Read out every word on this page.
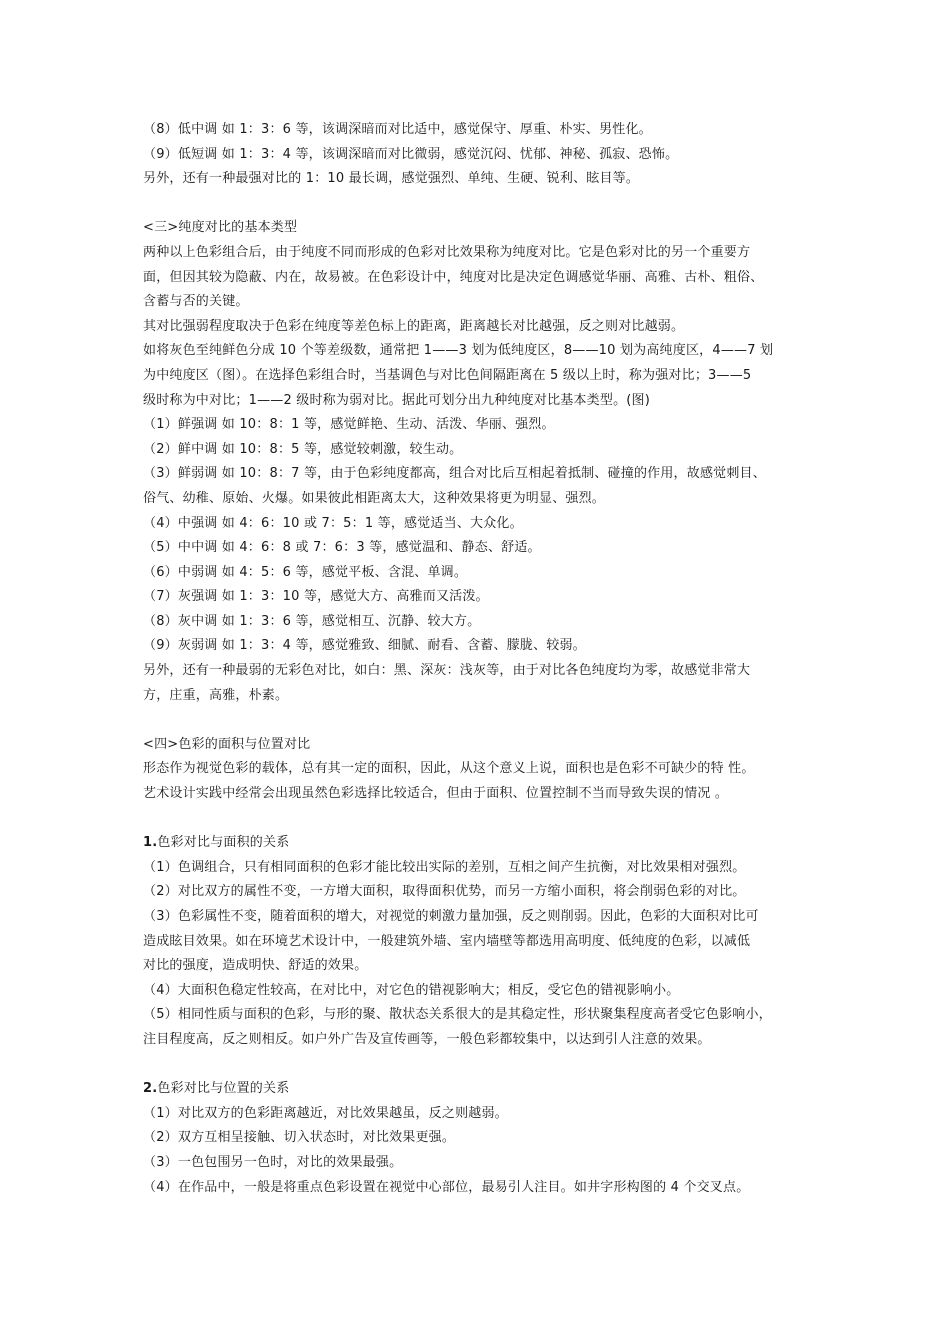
（8）低中调 如 1：3：6 等，该调深暗而对比适中，感觉保守、厚重、朴实、男性化。
（9）低短调 如 1：3：4 等，该调深暗而对比微弱，感觉沉闷、忧郁、神秘、孤寂、恐怖。
另外，还有一种最强对比的 1：10 最长调，感觉强烈、单纯、生硬、锐利、眩目等。
<三>纯度对比的基本类型
两种以上色彩组合后，由于纯度不同而形成的色彩对比效果称为纯度对比。它是色彩对比的另一个重要方
面，但因其较为隐蔽、内在，故易被。在色彩设计中，纯度对比是决定色调感觉华丽、高雅、古朴、粗俗、
含蓄与否的关键。
其对比强弱程度取决于色彩在纯度等差色标上的距离，距离越长对比越强，反之则对比越弱。
如将灰色至纯鲜色分成 10 个等差级数，通常把 1——3 划为低纯度区，8——10 划为高纯度区，4——7 划
为中纯度区（图）。在选择色彩组合时，当基调色与对比色间隔距离在 5 级以上时，称为强对比；3——5
级时称为中对比；1——2 级时称为弱对比。据此可划分出九种纯度对比基本类型。(图)
（1）鲜强调 如 10：8：1 等，感觉鲜艳、生动、活泼、华丽、强烈。
（2）鲜中调 如 10：8：5 等，感觉较刺激，较生动。
（3）鲜弱调 如 10：8：7 等，由于色彩纯度都高，组合对比后互相起着抵制、碰撞的作用，故感觉刺目、
俗气、幼稚、原始、火爆。如果彼此相距离太大，这种效果将更为明显、强烈。
（4）中强调 如 4：6：10 或 7：5：1 等，感觉适当、大众化。
（5）中中调 如 4：6：8 或 7：6：3 等，感觉温和、静态、舒适。
（6）中弱调 如 4：5：6 等，感觉平板、含混、单调。
（7）灰强调 如 1：3：10 等，感觉大方、高雅而又活泼。
（8）灰中调 如 1：3：6 等，感觉相互、沉静、较大方。
（9）灰弱调 如 1：3：4 等，感觉雅致、细腻、耐看、含蓄、朦胧、较弱。
另外，还有一种最弱的无彩色对比，如白：黑、深灰：浅灰等，由于对比各色纯度均为零，故感觉非常大
方，庄重，高雅，朴素。
<四>色彩的面积与位置对比
形态作为视觉色彩的载体，总有其一定的面积，因此，从这个意义上说，面积也是色彩不可缺少的特 性。
艺术设计实践中经常会出现虽然色彩选择比较适合，但由于面积、位置控制不当而导致失误的情况 。
1.色彩对比与面积的关系
（1）色调组合，只有相同面积的色彩才能比较出实际的差别，互相之间产生抗衡，对比效果相对强烈。
（2）对比双方的属性不变，一方增大面积，取得面积优势，而另一方缩小面积，将会削弱色彩的对比。
（3）色彩属性不变，随着面积的增大，对视觉的刺激力量加强，反之则削弱。因此，色彩的大面积对比可
造成眩目效果。如在环境艺术设计中，一般建筑外墙、室内墙壁等都选用高明度、低纯度的色彩，以减低
对比的强度，造成明快、舒适的效果。
（4）大面积色稳定性较高，在对比中，对它色的错视影响大；相反，受它色的错视影响小。
（5）相同性质与面积的色彩，与形的聚、散状态关系很大的是其稳定性，形状聚集程度高者受它色影响小，
注目程度高，反之则相反。如户外广告及宣传画等，一般色彩都较集中，以达到引人注意的效果。
2.色彩对比与位置的关系
（1）对比双方的色彩距离越近，对比效果越虽，反之则越弱。
（2）双方互相呈接触、切入状态时，对比效果更强。
（3）一色包围另一色时，对比的效果最强。
（4）在作品中，一般是将重点色彩设置在视觉中心部位，最易引人注目。如井字形构图的 4 个交叉点。
